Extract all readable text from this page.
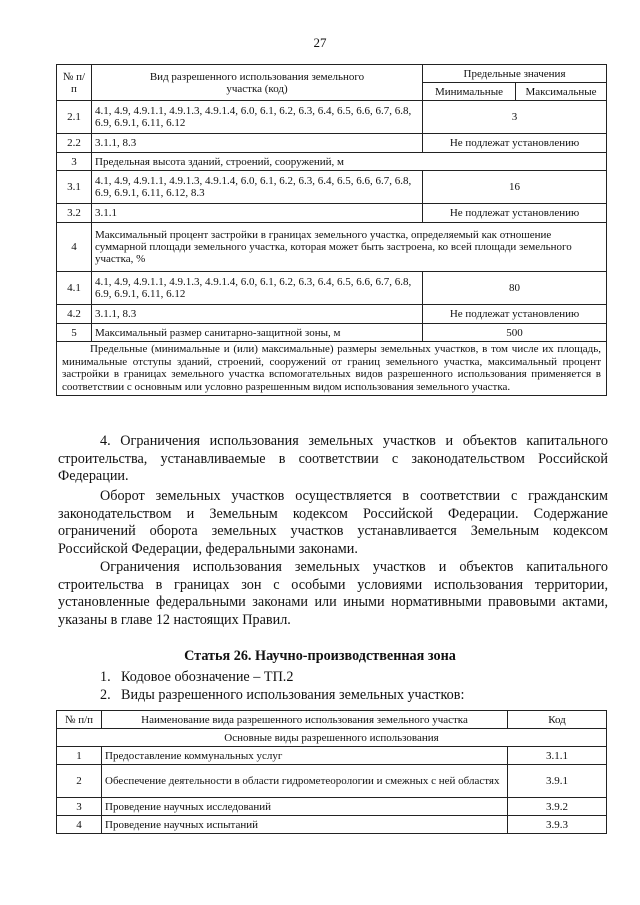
27
№ п/п	Вид разрешенного использования земельного участка (код)	Предельные значения	
		Минимальные	Максимальные
2.1	4.1, 4.9, 4.9.1.1, 4.9.1.3, 4.9.1.4, 6.0, 6.1, 6.2, 6.3, 6.4, 6.5, 6.6, 6.7, 6.8, 6.9, 6.9.1, 6.11, 6.12	3	
2.2	3.1.1, 8.3	Не подлежат установлению	
3	Предельная высота зданий, строений, сооружений, м		
3.1	4.1, 4.9, 4.9.1.1, 4.9.1.3, 4.9.1.4, 6.0, 6.1, 6.2, 6.3, 6.4, 6.5, 6.6, 6.7, 6.8, 6.9, 6.9.1, 6.11, 6.12, 8.3	16	
3.2	3.1.1	Не подлежат установлению	
4	Максимальный процент застройки в границах земельного участка, определяемый как отношение суммарной площади земельного участка, которая может быть застроена, ко всей площади земельного участка, %		
4.1	4.1, 4.9, 4.9.1.1, 4.9.1.3, 4.9.1.4, 6.0, 6.1, 6.2, 6.3, 6.4, 6.5, 6.6, 6.7, 6.8, 6.9, 6.9.1, 6.11, 6.12	80	
4.2	3.1.1, 8.3	Не подлежат установлению	
5	Максимальный размер санитарно-защитной зоны, м	500	
Предельные (минимальные и (или) максимальные) размеры земельных участков, в том числе их площадь, минимальные отступы зданий, строений, сооружений от границ земельного участка, максимальный процент застройки в границах земельного участка вспомогательных видов разрешенного использования применяется в соответствии с основным или условно разрешенным видом использования земельного участка.			

4. Ограничения использования земельных участков и объектов капитального строительства, устанавливаемые в соответствии с законодательством Российской Федерации.

Оборот земельных участков осуществляется в соответствии с гражданским законодательством и Земельным кодексом Российской Федерации. Содержание ограничений оборота земельных участков устанавливается Земельным кодексом Российской Федерации, федеральными законами.

Ограничения использования земельных участков и объектов капитального строительства в границах зон с особыми условиями использования территории, установленные федеральными законами или иными нормативными правовыми актами, указаны в главе 12 настоящих Правил.

Статья 26. Научно-производственная зона

1. Кодовое обозначение – ТП.2

2. Виды разрешенного использования земельных участков:

№ п/п	Наименование вида разрешенного использования земельного участка	Код
Основные виды разрешенного использования		
1	Предоставление коммунальных услуг	3.1.1
2	Обеспечение деятельности в области гидрометеорологии и смежных с ней областях	3.9.1
3	Проведение научных исследований	3.9.2
4	Проведение научных испытаний	3.9.3
